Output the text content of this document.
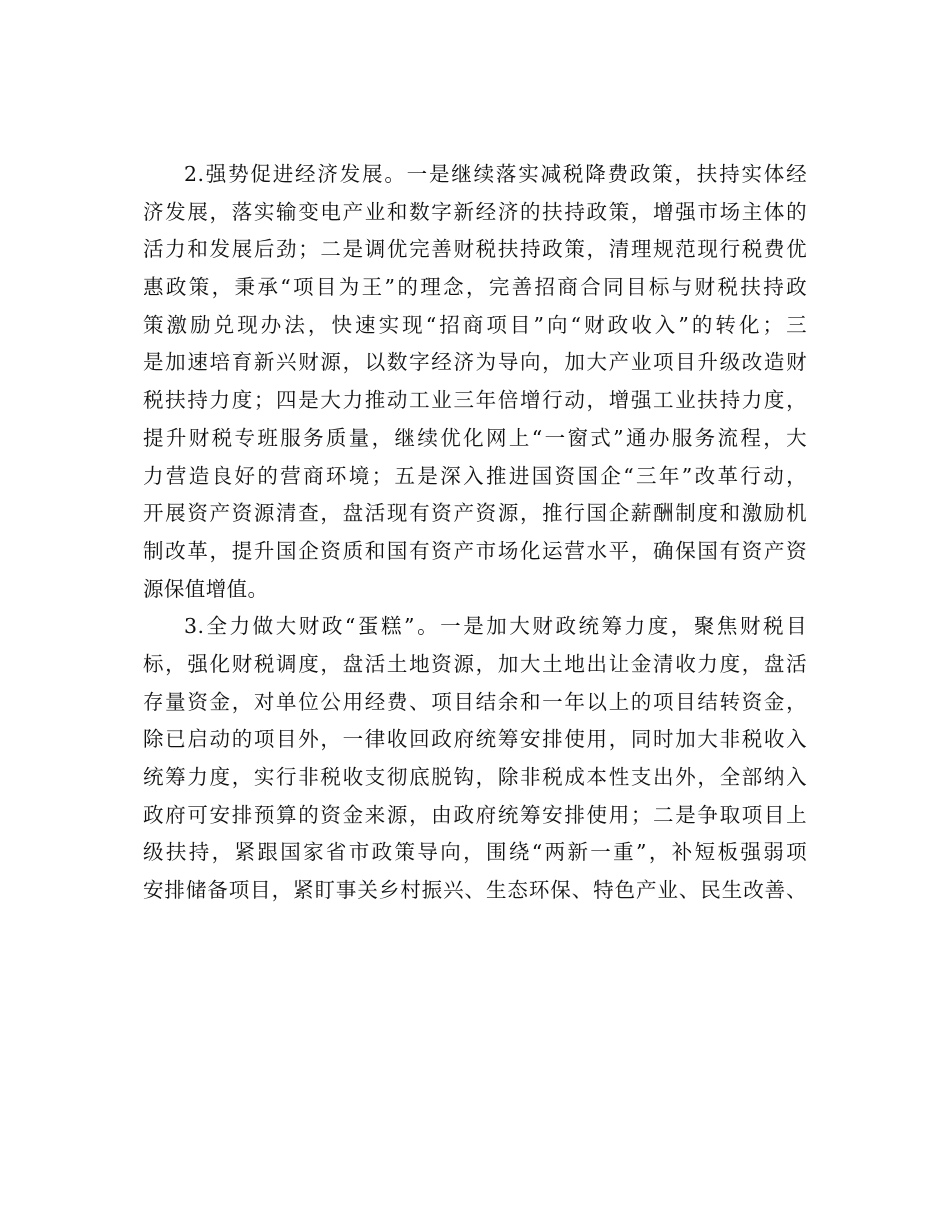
2.强势促进经济发展。一是继续落实减税降费政策，扶持实体经
济发展，落实输变电产业和数字新经济的扶持政策，增强市场主体的
活力和发展后劲；二是调优完善财税扶持政策，清理规范现行税费优
惠政策，秉承“项目为王”的理念，完善招商合同目标与财税扶持政
策激励兑现办法，快速实现“招商项目”向“财政收入”的转化；三
是加速培育新兴财源，以数字经济为导向，加大产业项目升级改造财
税扶持力度；四是大力推动工业三年倍增行动，增强工业扶持力度，
提升财税专班服务质量，继续优化网上“一窗式”通办服务流程，大
力营造良好的营商环境；五是深入推进国资国企“三年”改革行动，
开展资产资源清查，盘活现有资产资源，推行国企薪酬制度和激励机
制改革，提升国企资质和国有资产市场化运营水平，确保国有资产资
源保值增值。
3.全力做大财政“蛋糕”。一是加大财政统筹力度，聚焦财税目
标，强化财税调度，盘活土地资源，加大土地出让金清收力度，盘活
存量资金，对单位公用经费、项目结余和一年以上的项目结转资金，
除已启动的项目外，一律收回政府统筹安排使用，同时加大非税收入
统筹力度，实行非税收支彻底脱钩，除非税成本性支出外，全部纳入
政府可安排预算的资金来源，由政府统筹安排使用；二是争取项目上
级扶持，紧跟国家省市政策导向，围绕“两新一重”，补短板强弱项
安排储备项目，紧盯事关乡村振兴、生态环保、特色产业、民生改善、
